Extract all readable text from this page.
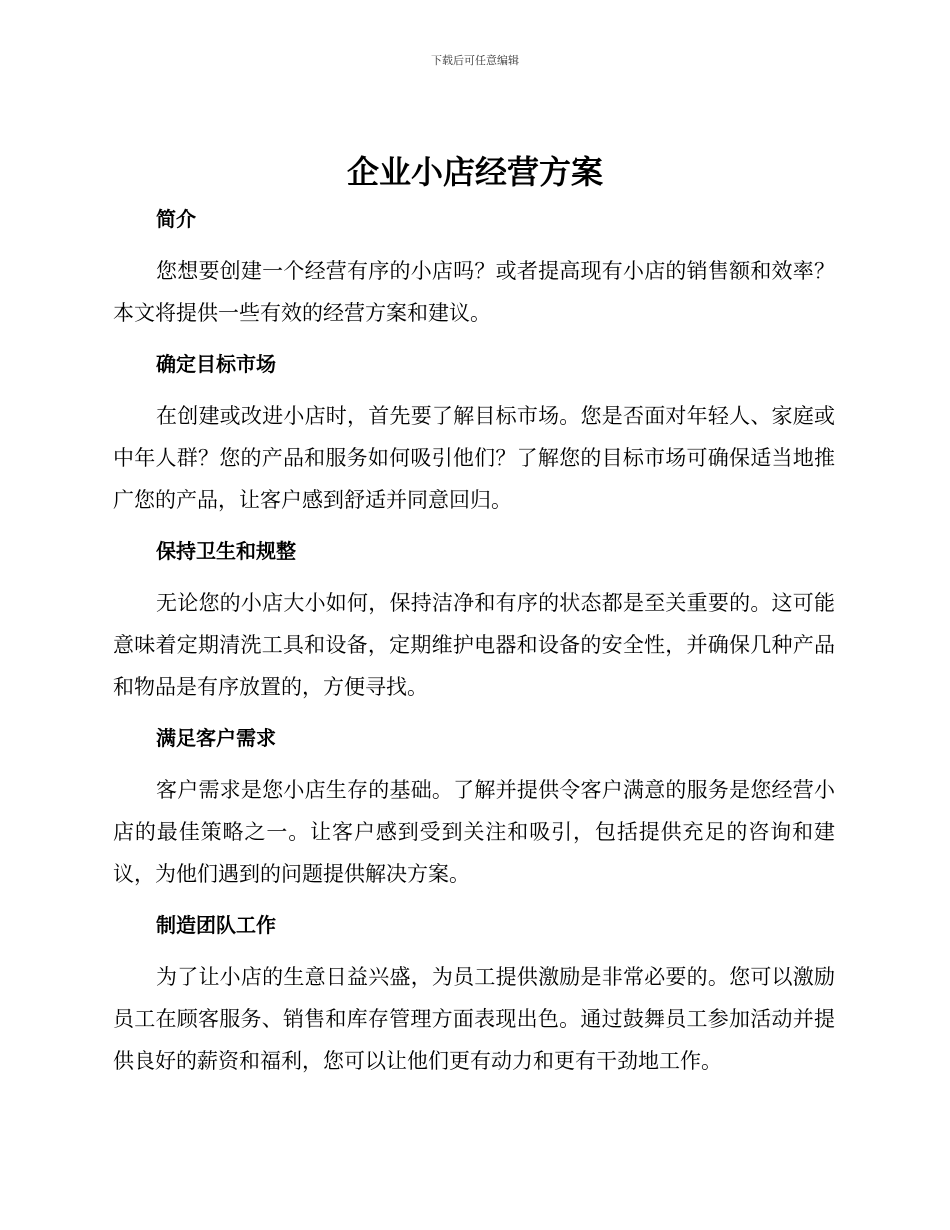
下载后可任意编辑
企业小店经营方案
简介

您想要创建一个经营有序的小店吗？或者提高现有小店的销售额和效率？本文将提供一些有效的经营方案和建议。

确定目标市场

在创建或改进小店时，首先要了解目标市场。您是否面对年轻人、家庭或中年人群？您的产品和服务如何吸引他们？了解您的目标市场可确保适当地推广您的产品，让客户感到舒适并同意回归。

保持卫生和规整

无论您的小店大小如何，保持洁净和有序的状态都是至关重要的。这可能意味着定期清洗工具和设备，定期维护电器和设备的安全性，并确保几种产品和物品是有序放置的，方便寻找。

满足客户需求

客户需求是您小店生存的基础。了解并提供令客户满意的服务是您经营小店的最佳策略之一。让客户感到受到关注和吸引，包括提供充足的咨询和建议，为他们遇到的问题提供解决方案。

制造团队工作

为了让小店的生意日益兴盛，为员工提供激励是非常必要的。您可以激励员工在顾客服务、销售和库存管理方面表现出色。通过鼓舞员工参加活动并提供良好的薪资和福利，您可以让他们更有动力和更有干劲地工作。
